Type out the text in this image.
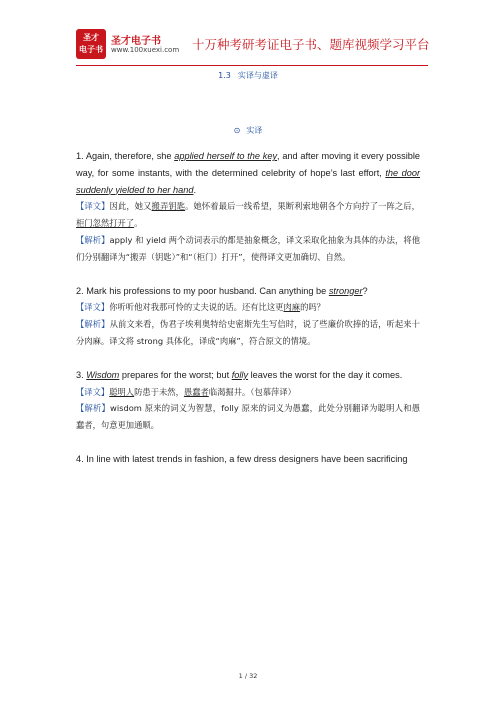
圣才
电子书
圣才电子书
www.100xuexi.com 十万种考研考证电子书、题库视频学习平台
1.3 实译与虚译
⊙ 实译

1. Again, therefore, she applied herself to the key, and after moving it every possible way, for some instants, with the determined celebrity of hope’s last effort, the door suddenly yielded to her hand.

【译文】因此，她又搬弄钥匙。她怀着最后一线希望，果断利索地朝各个方向拧了一阵之后，柜门忽然打开了。

【解析】apply 和 yield 两个动词表示的都是抽象概念，译文采取化抽象为具体的办法，将他们分别翻译为“搬弄（钥匙）”和“（柜门）打开”，使得译文更加确切、自然。

2. Mark his professions to my poor husband. Can anything be stronger?

【译文】你听听他对我那可怜的丈夫说的话。还有比这更肉麻的吗？

【解析】从前文来看，伪君子埃利奥特给史密斯先生写信时，说了些廉价吹捧的话，听起来十分肉麻。译文将 strong 具体化，译成“肉麻”，符合原文的情境。

3. Wisdom prepares for the worst; but folly leaves the worst for the day it comes.

【译文】聪明人防患于未然，愚蠢者临渴掘井。（包慕萍译）

【解析】wisdom 原来的词义为智慧，folly 原来的词义为愚蠢，此处分别翻译为聪明人和愚蠢者，句意更加通顺。

4. In line with latest trends in fashion, a few dress designers have been sacrificing

1 / 32
